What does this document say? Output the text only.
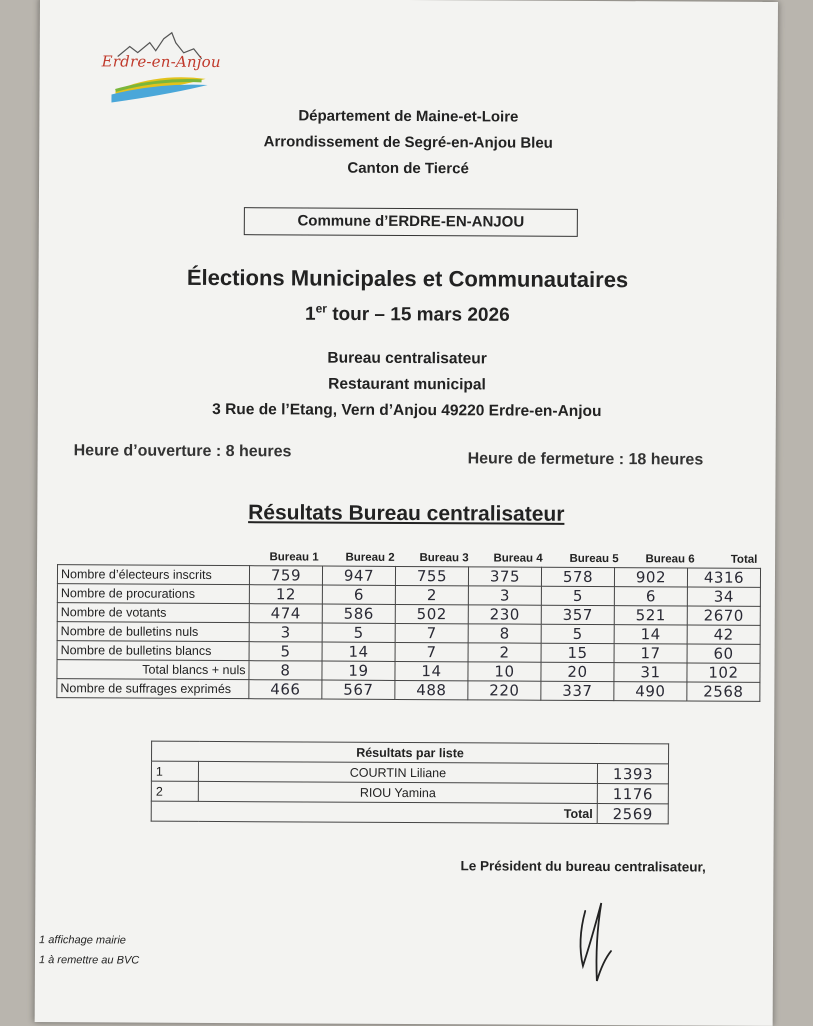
Erdre-en-Anjou
Département de Maine-et-Loire
Arrondissement de Segré-en-Anjou Bleu
Canton de Tiercé
Commune d’ERDRE-EN-ANJOU
Élections Municipales et Communautaires
1er tour – 15 mars 2026
Bureau centralisateur
Restaurant municipal
3 Rue de l’Etang, Vern d’Anjou 49220 Erdre-en-Anjou
Heure d’ouverture : 8 heures	Heure de fermeture : 18 heures
Résultats Bureau centralisateur
Bureau 1	Bureau 2	Bureau 3	Bureau 4	Bureau 5	Bureau 6	Total
Nombre d’électeurs inscrits	759	947	755	375	578	902	4316
Nombre de procurations	12	6	2	3	5	6	34
Nombre de votants	474	586	502	230	357	521	2670
Nombre de bulletins nuls	3	5	7	8	5	14	42
Nombre de bulletins blancs	5	14	7	2	15	17	60
Total blancs + nuls	8	19	14	10	20	31	102
Nombre de suffrages exprimés	466	567	488	220	337	490	2568
Résultats par liste		
1	COURTIN Liliane	1393
2	RIOU Yamina	1176
Total		2569
Le Président du bureau centralisateur,
1 affichage mairie
1 à remettre au BVC
